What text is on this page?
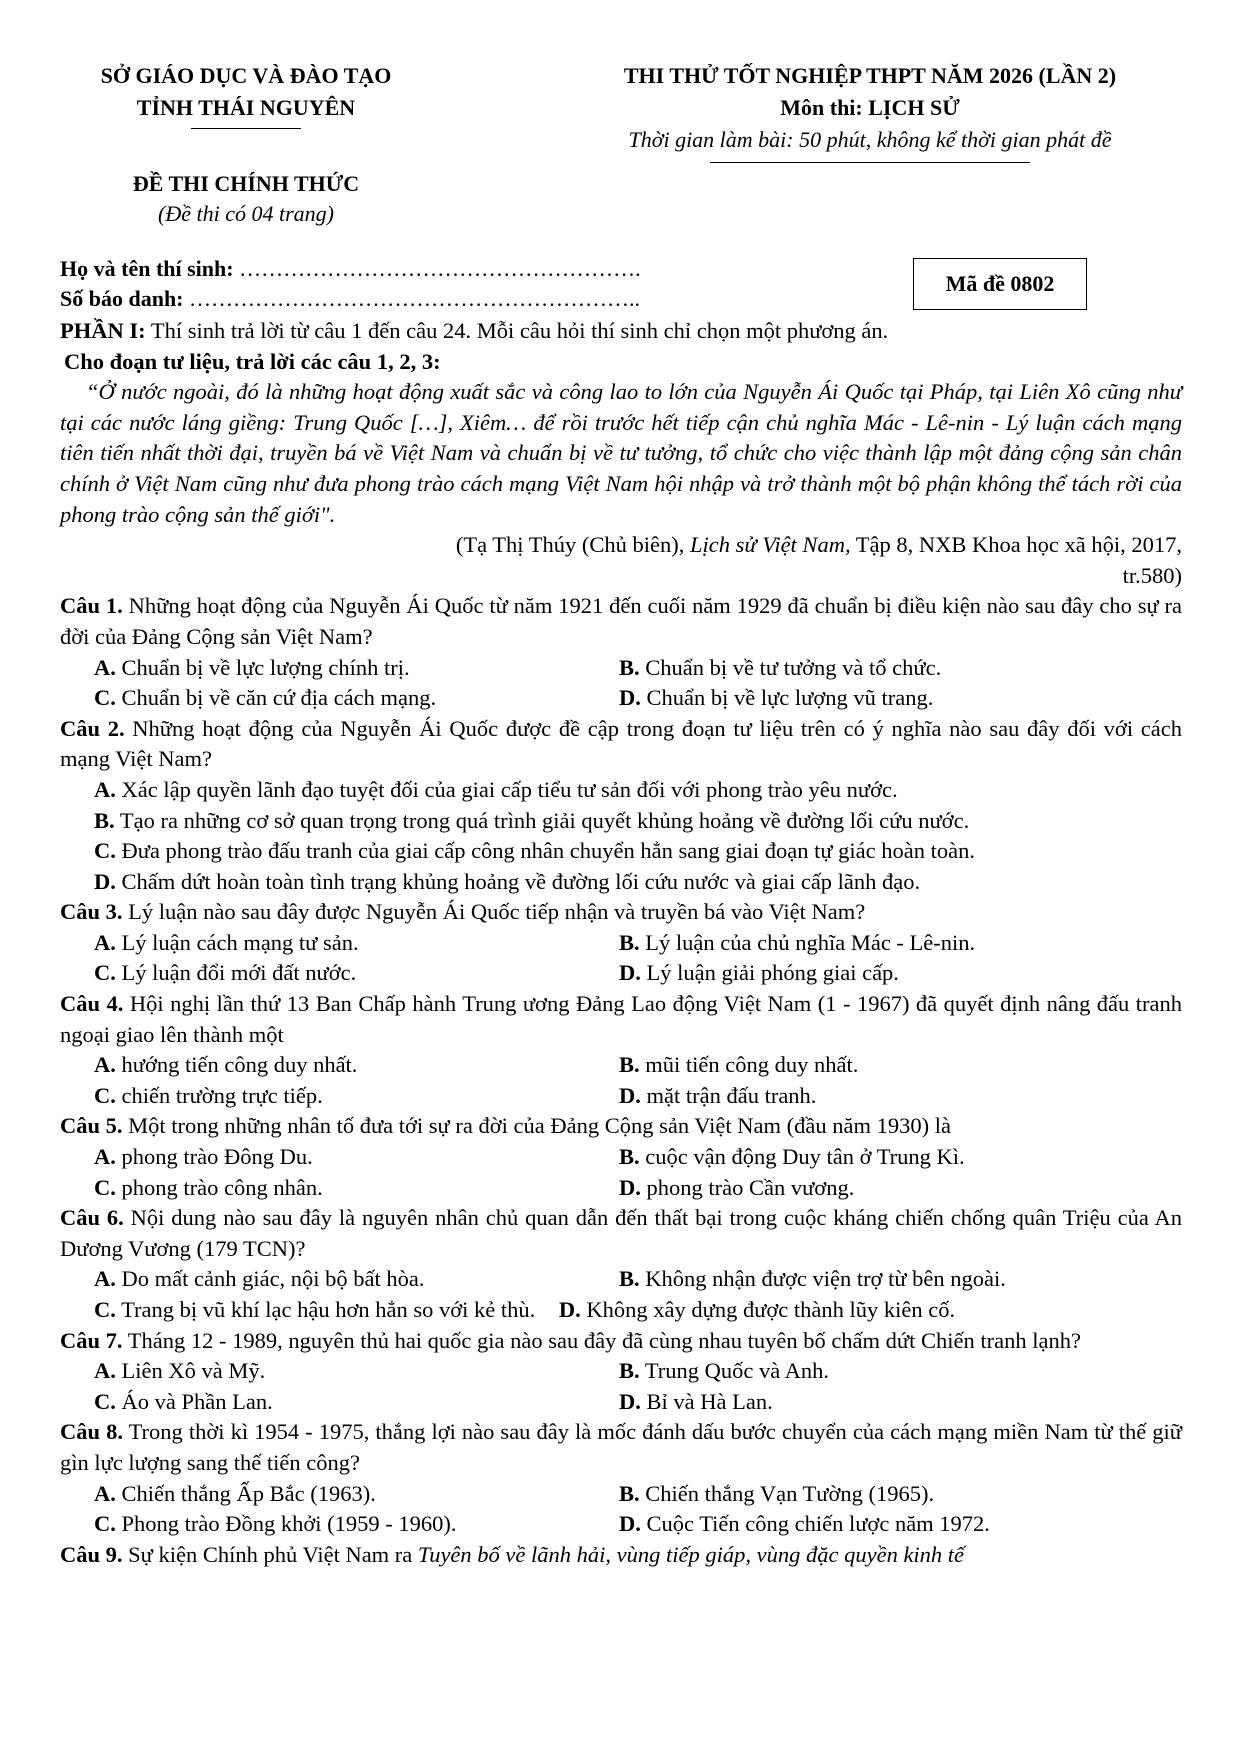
SỞ GIÁO DỤC VÀ ĐÀO TẠO
TỈNH THÁI NGUYÊN
ĐỀ THI CHÍNH THỨC
(Đề thi có 04 trang)
THI THỬ TỐT NGHIỆP THPT NĂM 2026 (LẦN 2)
Môn thi: LỊCH SỬ
Thời gian làm bài: 50 phút, không kể thời gian phát đề
Họ và tên thí sinh: ……………………………………………….
Số báo danh: ……………………………………………………..
Mã đề 0802

PHẦN I: Thí sinh trả lời từ câu 1 đến câu 24. Mỗi câu hỏi thí sinh chỉ chọn một phương án.

Cho đoạn tư liệu, trả lời các câu 1, 2, 3:

“Ở nước ngoài, đó là những hoạt động xuất sắc và công lao to lớn của Nguyễn Ái Quốc tại Pháp, tại Liên Xô cũng như tại các nước láng giềng: Trung Quốc […], Xiêm… để rồi trước hết tiếp cận chủ nghĩa Mác - Lê-nin - Lý luận cách mạng tiên tiến nhất thời đại, truyền bá về Việt Nam và chuẩn bị về tư tưởng, tổ chức cho việc thành lập một đảng cộng sản chân chính ở Việt Nam cũng như đưa phong trào cách mạng Việt Nam hội nhập và trở thành một bộ phận không thể tách rời của phong trào cộng sản thế giới".

(Tạ Thị Thúy (Chủ biên), Lịch sử Việt Nam, Tập 8, NXB Khoa học xã hội, 2017,

tr.580)

Câu 1. Những hoạt động của Nguyễn Ái Quốc từ năm 1921 đến cuối năm 1929 đã chuẩn bị điều kiện nào sau đây cho sự ra đời của Đảng Cộng sản Việt Nam?

A. Chuẩn bị về lực lượng chính trị.	B. Chuẩn bị về tư tưởng và tổ chức.
C. Chuẩn bị về căn cứ địa cách mạng.	D. Chuẩn bị về lực lượng vũ trang.

Câu 2. Những hoạt động của Nguyễn Ái Quốc được đề cập trong đoạn tư liệu trên có ý nghĩa nào sau đây đối với cách mạng Việt Nam?

A. Xác lập quyền lãnh đạo tuyệt đối của giai cấp tiểu tư sản đối với phong trào yêu nước.
B. Tạo ra những cơ sở quan trọng trong quá trình giải quyết khủng hoảng về đường lối cứu nước.
C. Đưa phong trào đấu tranh của giai cấp công nhân chuyển hẳn sang giai đoạn tự giác hoàn toàn.
D. Chấm dứt hoàn toàn tình trạng khủng hoảng về đường lối cứu nước và giai cấp lãnh đạo.

Câu 3. Lý luận nào sau đây được Nguyễn Ái Quốc tiếp nhận và truyền bá vào Việt Nam?

A. Lý luận cách mạng tư sản.	B. Lý luận của chủ nghĩa Mác - Lê-nin.
C. Lý luận đổi mới đất nước.	D. Lý luận giải phóng giai cấp.

Câu 4. Hội nghị lần thứ 13 Ban Chấp hành Trung ương Đảng Lao động Việt Nam (1 - 1967) đã quyết định nâng đấu tranh ngoại giao lên thành một

A. hướng tiến công duy nhất.	B. mũi tiến công duy nhất.
C. chiến trường trực tiếp.	D. mặt trận đấu tranh.

Câu 5. Một trong những nhân tố đưa tới sự ra đời của Đảng Cộng sản Việt Nam (đầu năm 1930) là

A. phong trào Đông Du.	B. cuộc vận động Duy tân ở Trung Kì.
C. phong trào công nhân.	D. phong trào Cần vương.

Câu 6. Nội dung nào sau đây là nguyên nhân chủ quan dẫn đến thất bại trong cuộc kháng chiến chống quân Triệu của An Dương Vương (179 TCN)?

A. Do mất cảnh giác, nội bộ bất hòa.	B. Không nhận được viện trợ từ bên ngoài.
C. Trang bị vũ khí lạc hậu hơn hẳn so với kẻ thù. D. Không xây dựng được thành lũy kiên cố.

Câu 7. Tháng 12 - 1989, nguyên thủ hai quốc gia nào sau đây đã cùng nhau tuyên bố chấm dứt Chiến tranh lạnh?

A. Liên Xô và Mỹ.	B. Trung Quốc và Anh.
C. Áo và Phần Lan.	D. Bỉ và Hà Lan.

Câu 8. Trong thời kì 1954 - 1975, thắng lợi nào sau đây là mốc đánh dấu bước chuyển của cách mạng miền Nam từ thế giữ gìn lực lượng sang thế tiến công?

A. Chiến thắng Ấp Bắc (1963).	B. Chiến thắng Vạn Tường (1965).
C. Phong trào Đồng khởi (1959 - 1960).	D. Cuộc Tiến công chiến lược năm 1972.

Câu 9. Sự kiện Chính phủ Việt Nam ra Tuyên bố về lãnh hải, vùng tiếp giáp, vùng đặc quyền kinh tế
